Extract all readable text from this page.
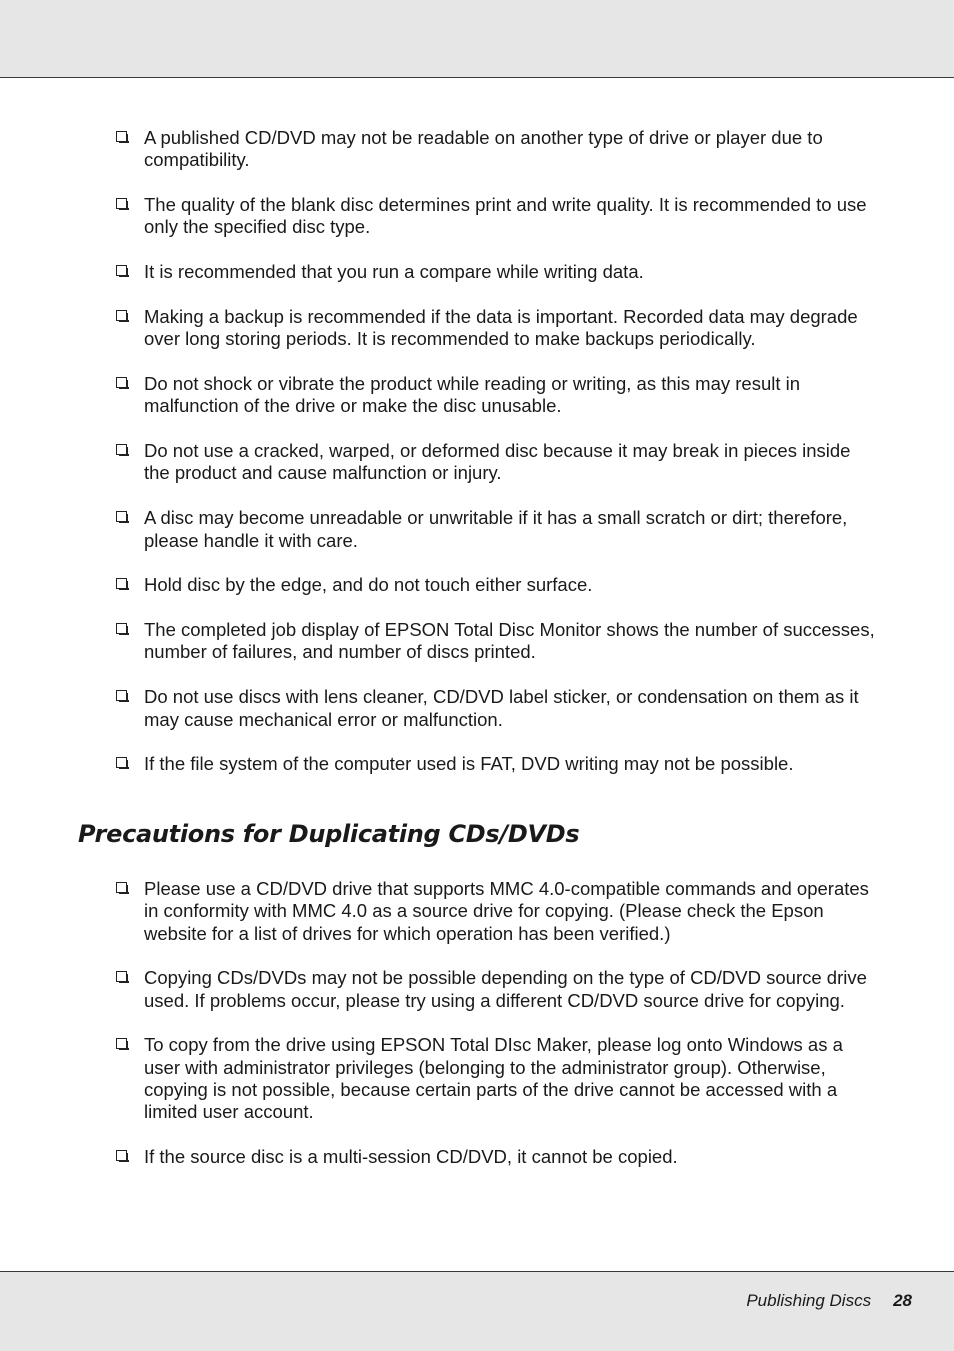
A published CD/DVD may not be readable on another type of drive or player due to compatibility.
The quality of the blank disc determines print and write quality. It is recommended to use only the specified disc type.
It is recommended that you run a compare while writing data.
Making a backup is recommended if the data is important. Recorded data may degrade over long storing periods. It is recommended to make backups periodically.
Do not shock or vibrate the product while reading or writing, as this may result in malfunction of the drive or make the disc unusable.
Do not use a cracked, warped, or deformed disc because it may break in pieces inside the product and cause malfunction or injury.
A disc may become unreadable or unwritable if it has a small scratch or dirt; therefore, please handle it with care.
Hold disc by the edge, and do not touch either surface.
The completed job display of EPSON Total Disc Monitor shows the number of successes, number of failures, and number of discs printed.
Do not use discs with lens cleaner, CD/DVD label sticker, or condensation on them as it may cause mechanical error or malfunction.
If the file system of the computer used is FAT, DVD writing may not be possible.
Precautions for Duplicating CDs/DVDs
Please use a CD/DVD drive that supports MMC 4.0-compatible commands and operates in conformity with MMC 4.0 as a source drive for copying. (Please check the Epson website for a list of drives for which operation has been verified.)
Copying CDs/DVDs may not be possible depending on the type of CD/DVD source drive used. If problems occur, please try using a different CD/DVD source drive for copying.
To copy from the drive using EPSON Total DIsc Maker, please log onto Windows as a user with administrator privileges (belonging to the administrator group). Otherwise, copying is not possible, because certain parts of the drive cannot be accessed with a limited user account.
If the source disc is a multi-session CD/DVD, it cannot be copied.
Publishing Discs 28
